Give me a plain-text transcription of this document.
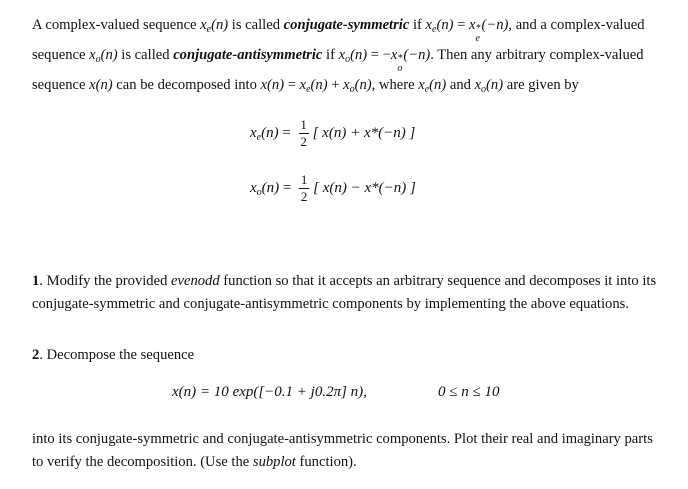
A complex-valued sequence $x_e(n)$ is called conjugate-symmetric if $x_e(n) = x$ *
e
(−n), and a complex-valued sequence $x_o(n)$ is called conjugate-antisymmetric if $x_o(n) = -x$ *
o
(−n). Then any arbitrary complex-valued sequence x(n) can be decomposed into $x(n) = x_e(n) + x_o(n)$, where $x_e(n)$ and $x_o(n)$ are given by

$x_e(n) = \frac{1}{2}$ [ x(n) + x*(−n) ]
$x_o(n) = \frac{1}{2}$ [ x(n) − x*(−n) ]

1. Modify the provided evenodd function so that it accepts an arbitrary sequence and decomposes it into its conjugate-symmetric and conjugate-antisymmetric components by implementing the above equations.

2. Decompose the sequence

x(n) = 10 exp([−0.1 + j0.2π] n),	0 ≤ n ≤ 10

into its conjugate-symmetric and conjugate-antisymmetric components. Plot their real and imaginary parts to verify the decomposition. (Use the subplot function).
